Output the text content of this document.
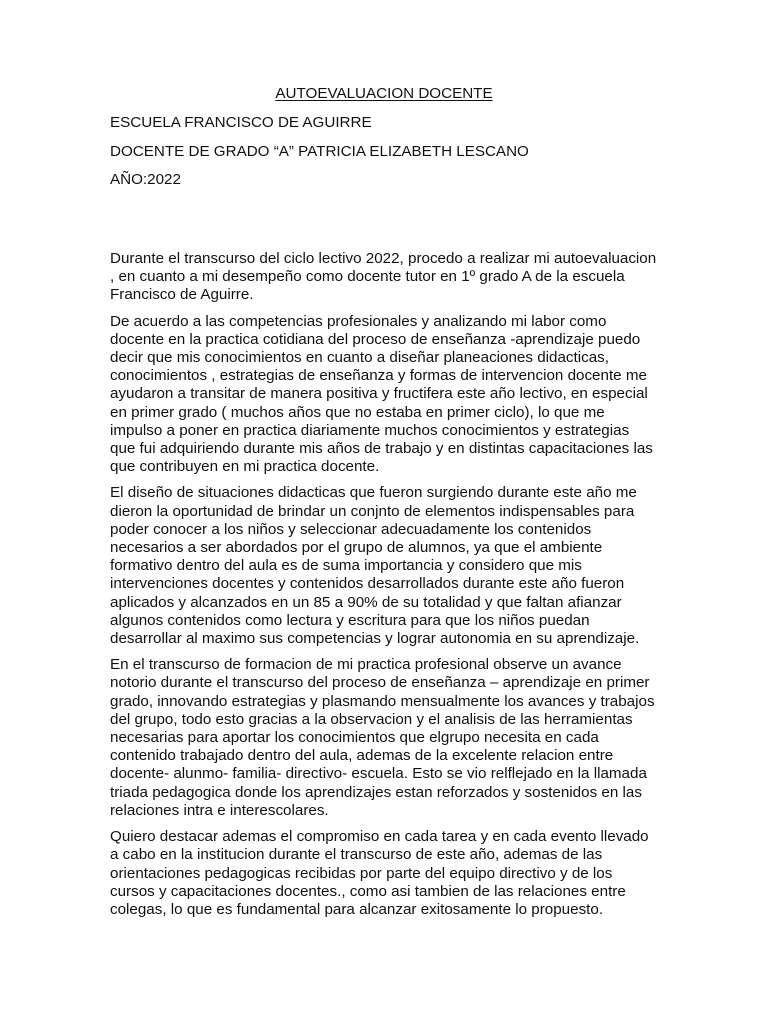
AUTOEVALUACION DOCENTE
ESCUELA FRANCISCO DE AGUIRRE
DOCENTE DE GRADO “A” PATRICIA ELIZABETH LESCANO
AÑO:2022

Durante el transcurso del ciclo lectivo 2022, procedo a realizar mi autoevaluacion , en cuanto a mi desempeño como docente tutor en 1º grado A de la escuela Francisco de Aguirre.

De acuerdo a las competencias profesionales y analizando mi labor como docente en la practica cotidiana del proceso de enseñanza -aprendizaje puedo decir que mis conocimientos en cuanto a diseñar planeaciones didacticas, conocimientos , estrategias de enseñanza y formas de intervencion docente me ayudaron a transitar de manera positiva y fructifera este año lectivo, en especial en primer grado ( muchos años que no estaba en primer ciclo), lo que me impulso a poner en practica diariamente muchos conocimientos y estrategias que fui adquiriendo durante mis años de trabajo y en distintas capacitaciones las que contribuyen en mi practica docente.

El diseño de situaciones didacticas que fueron surgiendo durante este año me dieron la oportunidad de brindar un conjnto de elementos indispensables para poder conocer a los niños y seleccionar adecuadamente los contenidos necesarios a ser abordados por el grupo de alumnos, ya que el ambiente formativo dentro del aula es de suma importancia y considero que mis intervenciones docentes y contenidos desarrollados durante este año fueron aplicados y alcanzados en un 85 a 90% de su totalidad y que faltan afianzar algunos contenidos como lectura y escritura para que los niños puedan desarrollar al maximo sus competencias y lograr autonomia en su aprendizaje.

En el transcurso de formacion de mi practica profesional observe un avance notorio durante el transcurso del proceso de enseñanza – aprendizaje en primer grado, innovando estrategias y plasmando mensualmente los avances y trabajos del grupo, todo esto gracias a la observacion y el analisis de las herramientas necesarias para aportar los conocimientos que elgrupo necesita en cada contenido trabajado dentro del aula, ademas de la excelente relacion entre docente- alunmo- familia- directivo- escuela. Esto se vio relflejado en la llamada triada pedagogica donde los aprendizajes estan reforzados y sostenidos en las relaciones intra e interescolares.

Quiero destacar ademas el compromiso en cada tarea y en cada evento llevado a cabo en la institucion durante el transcurso de este año, ademas de las orientaciones pedagogicas recibidas por parte del equipo directivo y de los cursos y capacitaciones docentes., como asi tambien de las relaciones entre colegas, lo que es fundamental para alcanzar exitosamente lo propuesto.
